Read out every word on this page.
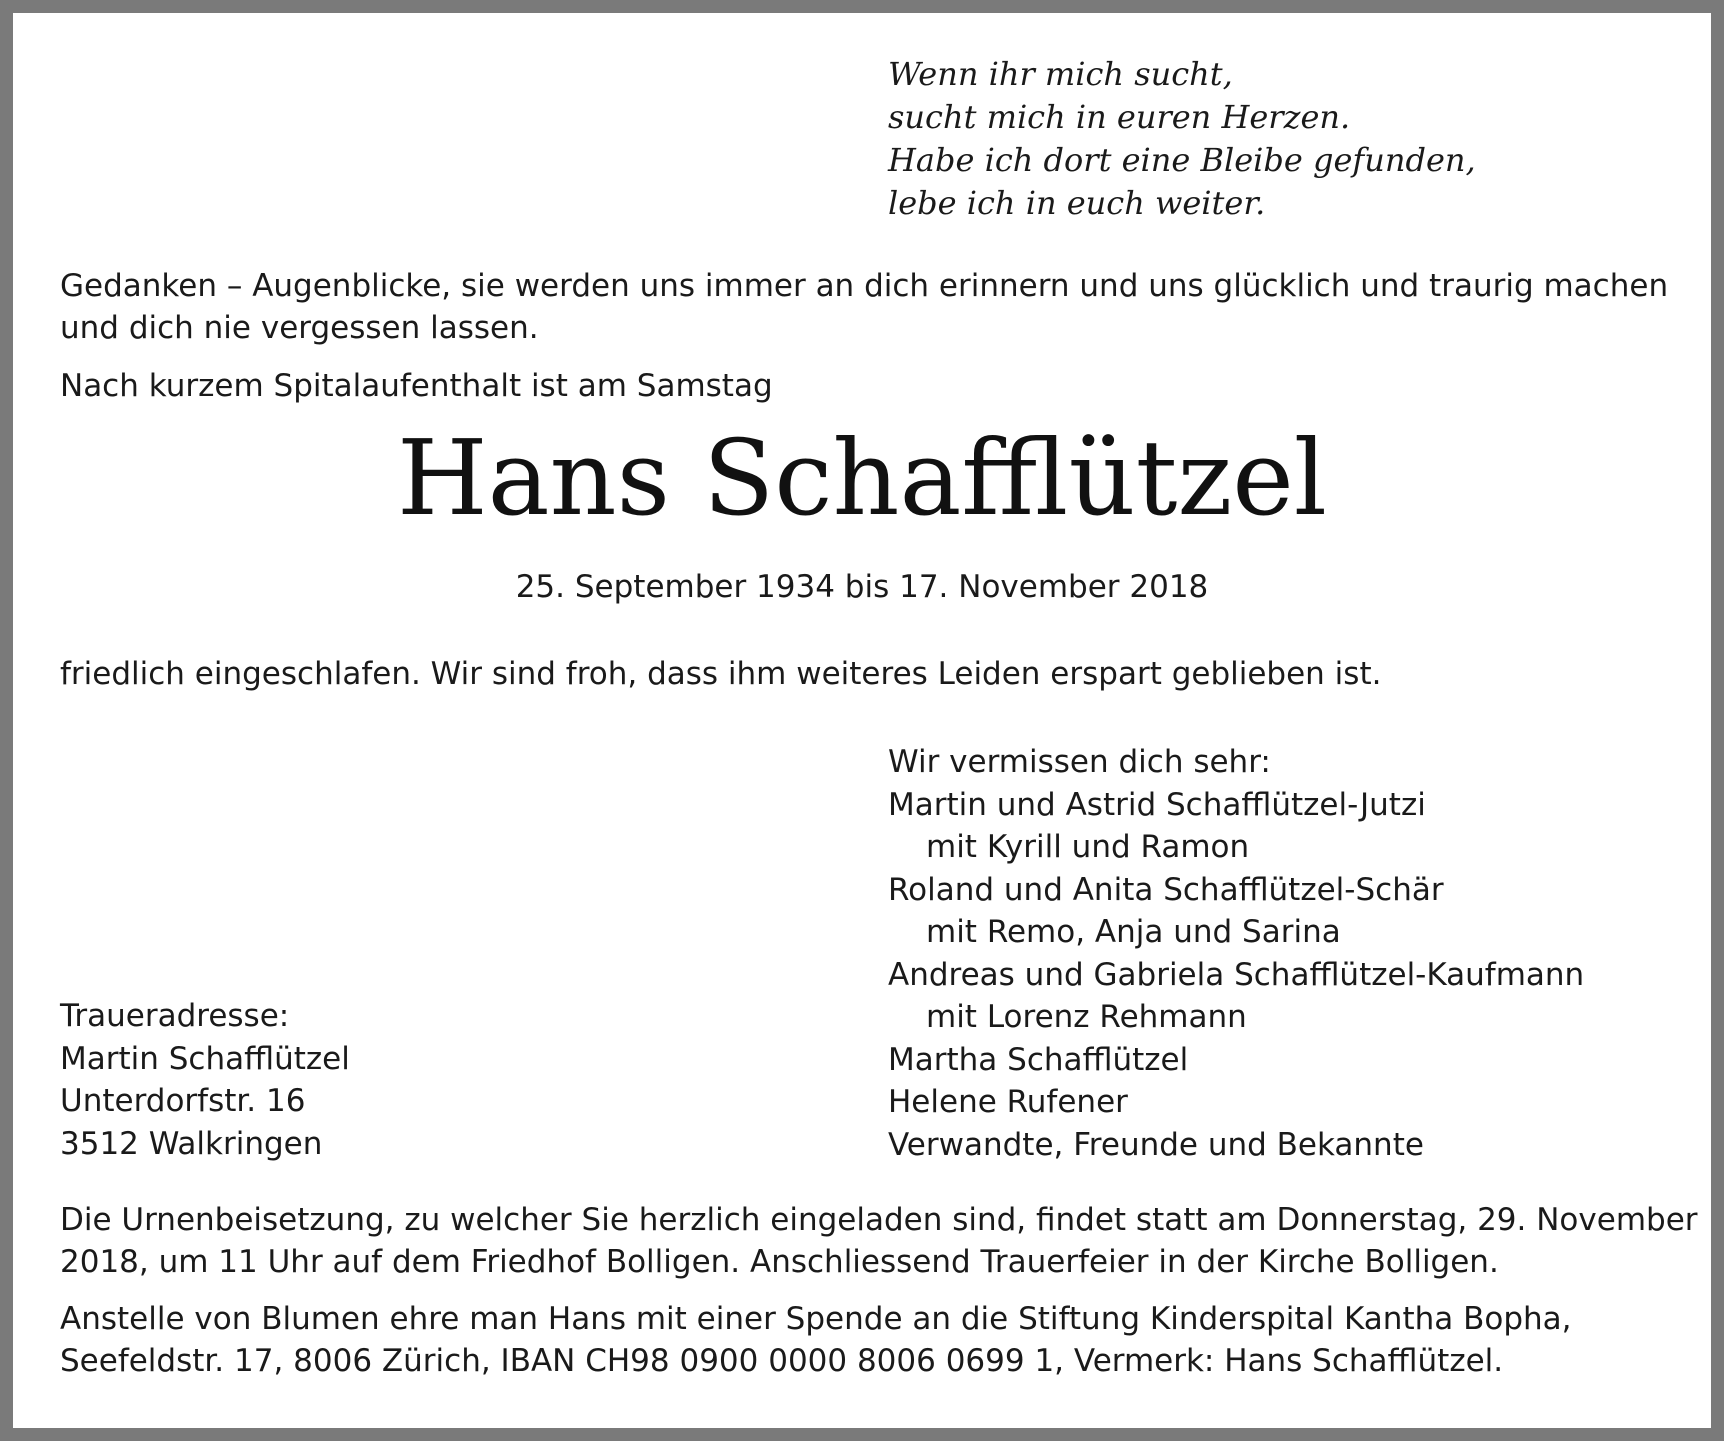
Wenn ihr mich sucht,
sucht mich in euren Herzen.
Habe ich dort eine Bleibe gefunden,
lebe ich in euch weiter.
Gedanken – Augenblicke, sie werden uns immer an dich erinnern und uns glücklich und traurig machen und dich nie vergessen lassen.
Nach kurzem Spitalaufenthalt ist am Samstag
Hans Schafflützel
25. September 1934 bis 17. November 2018
friedlich eingeschlafen. Wir sind froh, dass ihm weiteres Leiden erspart geblieben ist.
Wir vermissen dich sehr:
Martin und Astrid Schafflützel-Jutzi
mit Kyrill und Ramon
Roland und Anita Schafflützel-Schär
mit Remo, Anja und Sarina
Andreas und Gabriela Schafflützel-Kaufmann
mit Lorenz Rehmann
Martha Schafflützel
Helene Rufener
Verwandte, Freunde und Bekannte
Traueradresse:
Martin Schafflützel
Unterdorfstr. 16
3512 Walkringen
Die Urnenbeisetzung, zu welcher Sie herzlich eingeladen sind, findet statt am Donnerstag, 29. November 2018, um 11 Uhr auf dem Friedhof Bolligen. Anschliessend Trauerfeier in der Kirche Bolligen.
Anstelle von Blumen ehre man Hans mit einer Spende an die Stiftung Kinderspital Kantha Bopha, Seefeldstr. 17, 8006 Zürich, IBAN CH98 0900 0000 8006 0699 1, Vermerk: Hans Schafflützel.
